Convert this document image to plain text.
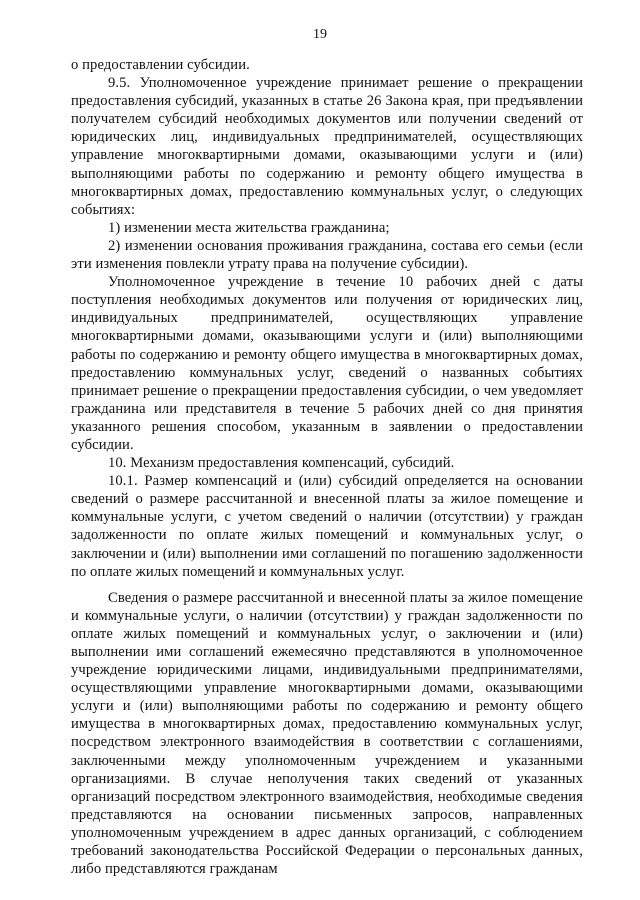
19

о предоставлении субсидии.

9.5. Уполномоченное учреждение принимает решение о прекращении предоставления субсидий, указанных в статье 26 Закона края, при предъявлении получателем субсидий необходимых документов или получении сведений от юридических лиц, индивидуальных предпринимателей, осуществляющих управление многоквартирными домами, оказывающими услуги и (или) выполняющими работы по содержанию и ремонту общего имущества в многоквартирных домах, предоставлению коммунальных услуг, о следующих событиях:

1) изменении места жительства гражданина;

2) изменении основания проживания гражданина, состава его семьи (если эти изменения повлекли утрату права на получение субсидии).

Уполномоченное учреждение в течение 10 рабочих дней с даты поступления необходимых документов или получения от юридических лиц, индивидуальных предпринимателей, осуществляющих управление многоквартирными домами, оказывающими услуги и (или) выполняющими работы по содержанию и ремонту общего имущества в многоквартирных домах, предоставлению коммунальных услуг, сведений о названных событиях принимает решение о прекращении предоставления субсидии, о чем уведомляет гражданина или представителя в течение 5 рабочих дней со дня принятия указанного решения способом, указанным в заявлении о предоставлении субсидии.

10. Механизм предоставления компенсаций, субсидий.

10.1. Размер компенсаций и (или) субсидий определяется на основании сведений о размере рассчитанной и внесенной платы за жилое помещение и коммунальные услуги, с учетом сведений о наличии (отсутствии) у граждан задолженности по оплате жилых помещений и коммунальных услуг, о заключении и (или) выполнении ими соглашений по погашению задолженности по оплате жилых помещений и коммунальных услуг.

Сведения о размере рассчитанной и внесенной платы за жилое помещение и коммунальные услуги, о наличии (отсутствии) у граждан задолженности по оплате жилых помещений и коммунальных услуг, о заключении и (или) выполнении ими соглашений ежемесячно представляются в уполномоченное учреждение юридическими лицами, индивидуальными предпринимателями, осуществляющими управление многоквартирными домами, оказывающими услуги и (или) выполняющими работы по содержанию и ремонту общего имущества в многоквартирных домах, предоставлению коммунальных услуг, посредством электронного взаимодействия в соответствии с соглашениями, заключенными между уполномоченным учреждением и указанными организациями. В случае неполучения таких сведений от указанных организаций посредством электронного взаимодействия, необходимые сведения представляются на основании письменных запросов, направленных уполномоченным учреждением в адрес данных организаций, с соблюдением требований законодательства Российской Федерации о персональных данных, либо представляются гражданам
